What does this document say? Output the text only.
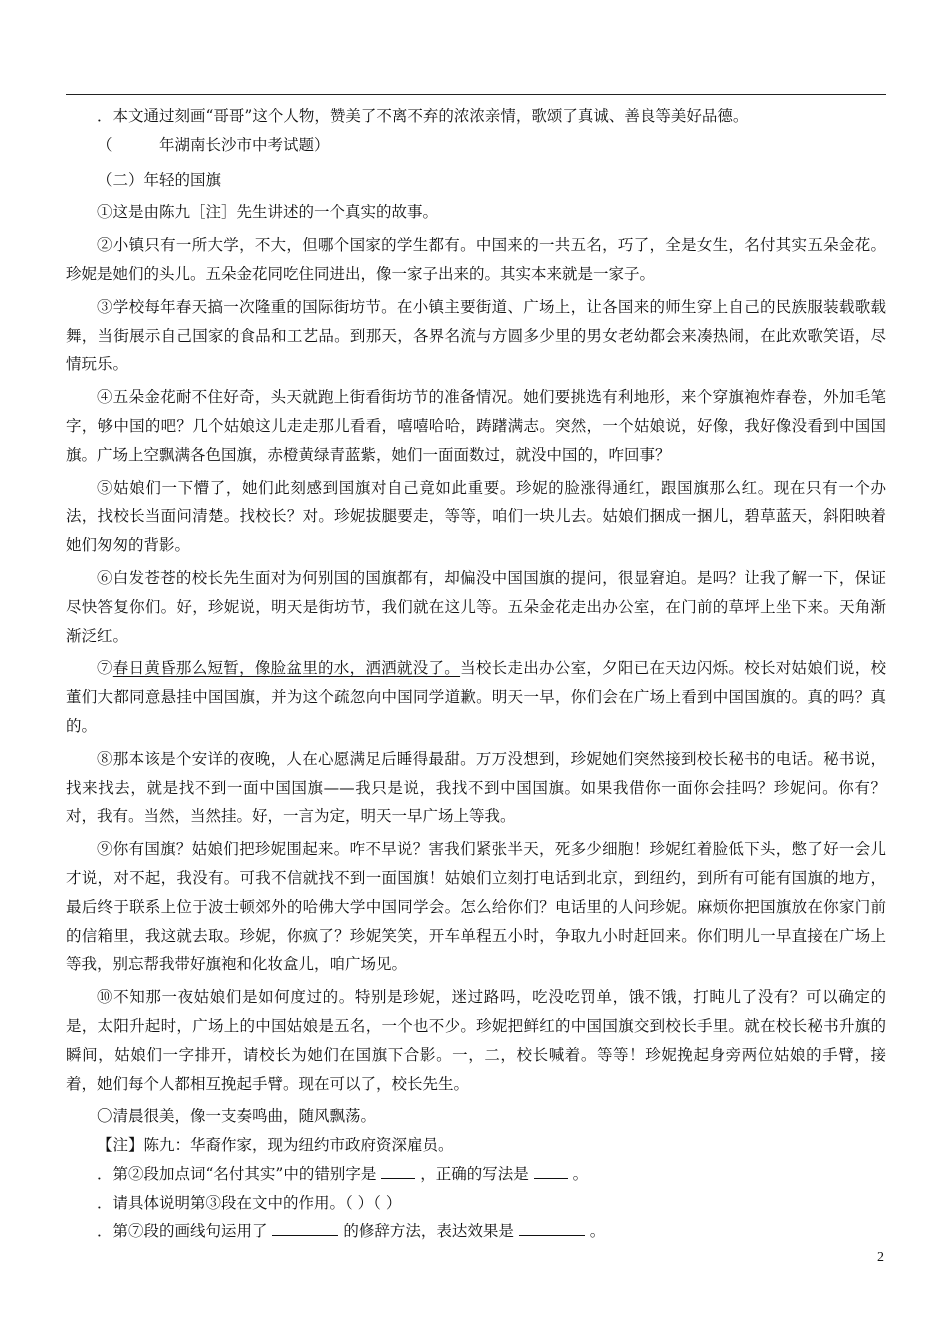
．本文通过刻画“哥哥”这个人物，赞美了不离不弃的浓浓亲情，歌颂了真诚、善良等美好品德。
（　　　年湖南长沙市中考试题）
（二）年轻的国旗

①这是由陈九［注］先生讲述的一个真实的故事。

②小镇只有一所大学，不大，但哪个国家的学生都有。中国来的一共五名，巧了，全是女生，名付其实五朵金花。珍妮是她们的头儿。五朵金花同吃住同进出，像一家子出来的。其实本来就是一家子。

③学校每年春天搞一次隆重的国际街坊节。在小镇主要街道、广场上，让各国来的师生穿上自己的民族服装载歌载舞，当街展示自己国家的食品和工艺品。到那天，各界名流与方圆多少里的男女老幼都会来凑热闹，在此欢歌笑语，尽情玩乐。

④五朵金花耐不住好奇，头天就跑上街看街坊节的准备情况。她们要挑选有利地形，来个穿旗袍炸春卷，外加毛笔字，够中国的吧？几个姑娘这儿走走那儿看看，嘻嘻哈哈，踌躇满志。突然，一个姑娘说，好像，我好像没看到中国国旗。广场上空飘满各色国旗，赤橙黄绿青蓝紫，她们一面面数过，就没中国的，咋回事？

⑤姑娘们一下懵了，她们此刻感到国旗对自己竟如此重要。珍妮的脸涨得通红，跟国旗那么红。现在只有一个办法，找校长当面问清楚。找校长？对。珍妮拔腿要走，等等，咱们一块儿去。姑娘们捆成一捆儿，碧草蓝天，斜阳映着她们匆匆的背影。

⑥白发苍苍的校长先生面对为何别国的国旗都有，却偏没中国国旗的提问，很显窘迫。是吗？让我了解一下，保证尽快答复你们。好，珍妮说，明天是街坊节，我们就在这儿等。五朵金花走出办公室，在门前的草坪上坐下来。天角渐渐泛红。

⑦春日黄昏那么短暂，像脸盆里的水，洒洒就没了。当校长走出办公室，夕阳已在天边闪烁。校长对姑娘们说，校董们大都同意悬挂中国国旗，并为这个疏忽向中国同学道歉。明天一早，你们会在广场上看到中国国旗的。真的吗？真的。

⑧那本该是个安详的夜晚，人在心愿满足后睡得最甜。万万没想到，珍妮她们突然接到校长秘书的电话。秘书说，找来找去，就是找不到一面中国国旗——我只是说，我找不到中国国旗。如果我借你一面你会挂吗？珍妮问。你有？对，我有。当然，当然挂。好，一言为定，明天一早广场上等我。

⑨你有国旗？姑娘们把珍妮围起来。咋不早说？害我们紧张半天，死多少细胞！珍妮红着脸低下头，憋了好一会儿才说，对不起，我没有。可我不信就找不到一面国旗！姑娘们立刻打电话到北京，到纽约，到所有可能有国旗的地方，最后终于联系上位于波士顿郊外的哈佛大学中国同学会。怎么给你们？电话里的人问珍妮。麻烦你把国旗放在你家门前的信箱里，我这就去取。珍妮，你疯了？珍妮笑笑，开车单程五小时，争取九小时赶回来。你们明儿一早直接在广场上等我，别忘帮我带好旗袍和化妆盒儿，咱广场见。

⑩不知那一夜姑娘们是如何度过的。特别是珍妮，迷过路吗，吃没吃罚单，饿不饿，打盹儿了没有？可以确定的是，太阳升起时，广场上的中国姑娘是五名，一个也不少。珍妮把鲜红的中国国旗交到校长手里。就在校长秘书升旗的瞬间，姑娘们一字排开，请校长为她们在国旗下合影。一，二，校长喊着。等等！珍妮挽起身旁两位姑娘的手臂，接着，她们每个人都相互挽起手臂。现在可以了，校长先生。

〇清晨很美，像一支奏鸣曲，随风飘荡。

【注】陈九：华裔作家，现为纽约市政府资深雇员。
．第②段加点词“名付其实”中的错别字是	，正确的写法是	。
．请具体说明第③段在文中的作用。（ ）（ ）
．第⑦段的画线句运用了	的修辞方法，表达效果是	。
2
